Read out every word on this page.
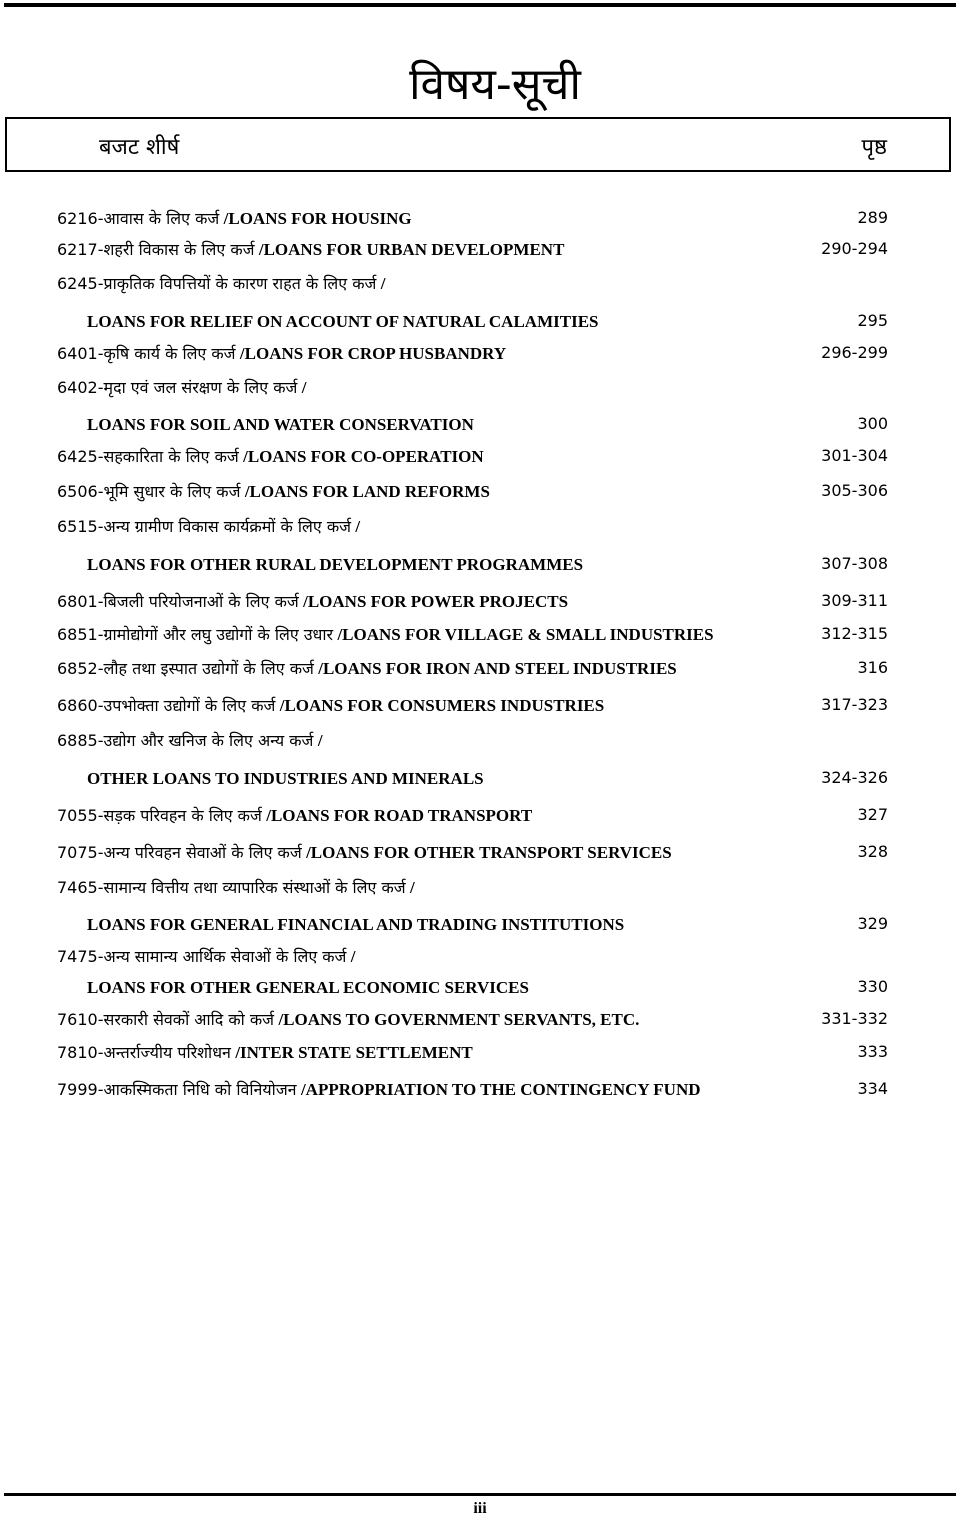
विषय-सूची
बजट शीर्ष	पृष्ठ
6216-आवास के लिए कर्ज /LOANS FOR HOUSING	289
6217-शहरी विकास के लिए कर्ज /LOANS FOR URBAN DEVELOPMENT	290-294
6245-प्राकृतिक विपत्तियों के कारण राहत के लिए कर्ज /
LOANS FOR RELIEF ON ACCOUNT OF NATURAL CALAMITIES	295
6401-कृषि कार्य के लिए कर्ज /LOANS FOR CROP HUSBANDRY	296-299
6402-मृदा एवं जल संरक्षण के लिए कर्ज /
LOANS FOR SOIL AND WATER CONSERVATION	300
6425-सहकारिता के लिए कर्ज /LOANS FOR CO-OPERATION	301-304
6506-भूमि सुधार के लिए कर्ज /LOANS FOR LAND REFORMS	305-306
6515-अन्य ग्रामीण विकास कार्यक्रमों के लिए कर्ज /
LOANS FOR OTHER RURAL DEVELOPMENT PROGRAMMES	307-308
6801-बिजली परियोजनाओं के लिए कर्ज /LOANS FOR POWER PROJECTS	309-311
6851-ग्रामोद्योगों और लघु उद्योगों के लिए उधार /LOANS FOR VILLAGE & SMALL INDUSTRIES	312-315
6852-लौह तथा इस्पात उद्योगों के लिए कर्ज /LOANS FOR IRON AND STEEL INDUSTRIES	316
6860-उपभोक्ता उद्योगों के लिए कर्ज /LOANS FOR CONSUMERS INDUSTRIES	317-323
6885-उद्योग और खनिज के लिए अन्य कर्ज /
OTHER LOANS TO INDUSTRIES AND MINERALS	324-326
7055-सड़क परिवहन के लिए कर्ज /LOANS FOR ROAD TRANSPORT	327
7075-अन्य परिवहन सेवाओं के लिए कर्ज /LOANS FOR OTHER TRANSPORT SERVICES	328
7465-सामान्य वित्तीय तथा व्यापारिक संस्थाओं के लिए कर्ज /
LOANS FOR GENERAL FINANCIAL AND TRADING INSTITUTIONS	329
7475-अन्य सामान्य आर्थिक सेवाओं के लिए कर्ज /
LOANS FOR OTHER GENERAL ECONOMIC SERVICES	330
7610-सरकारी सेवकों आदि को कर्ज /LOANS TO GOVERNMENT SERVANTS, ETC.	331-332
7810-अन्तर्राज्यीय परिशोधन /INTER STATE SETTLEMENT	333
7999-आकस्मिकता निधि को विनियोजन /APPROPRIATION TO THE CONTINGENCY FUND	334
iii
